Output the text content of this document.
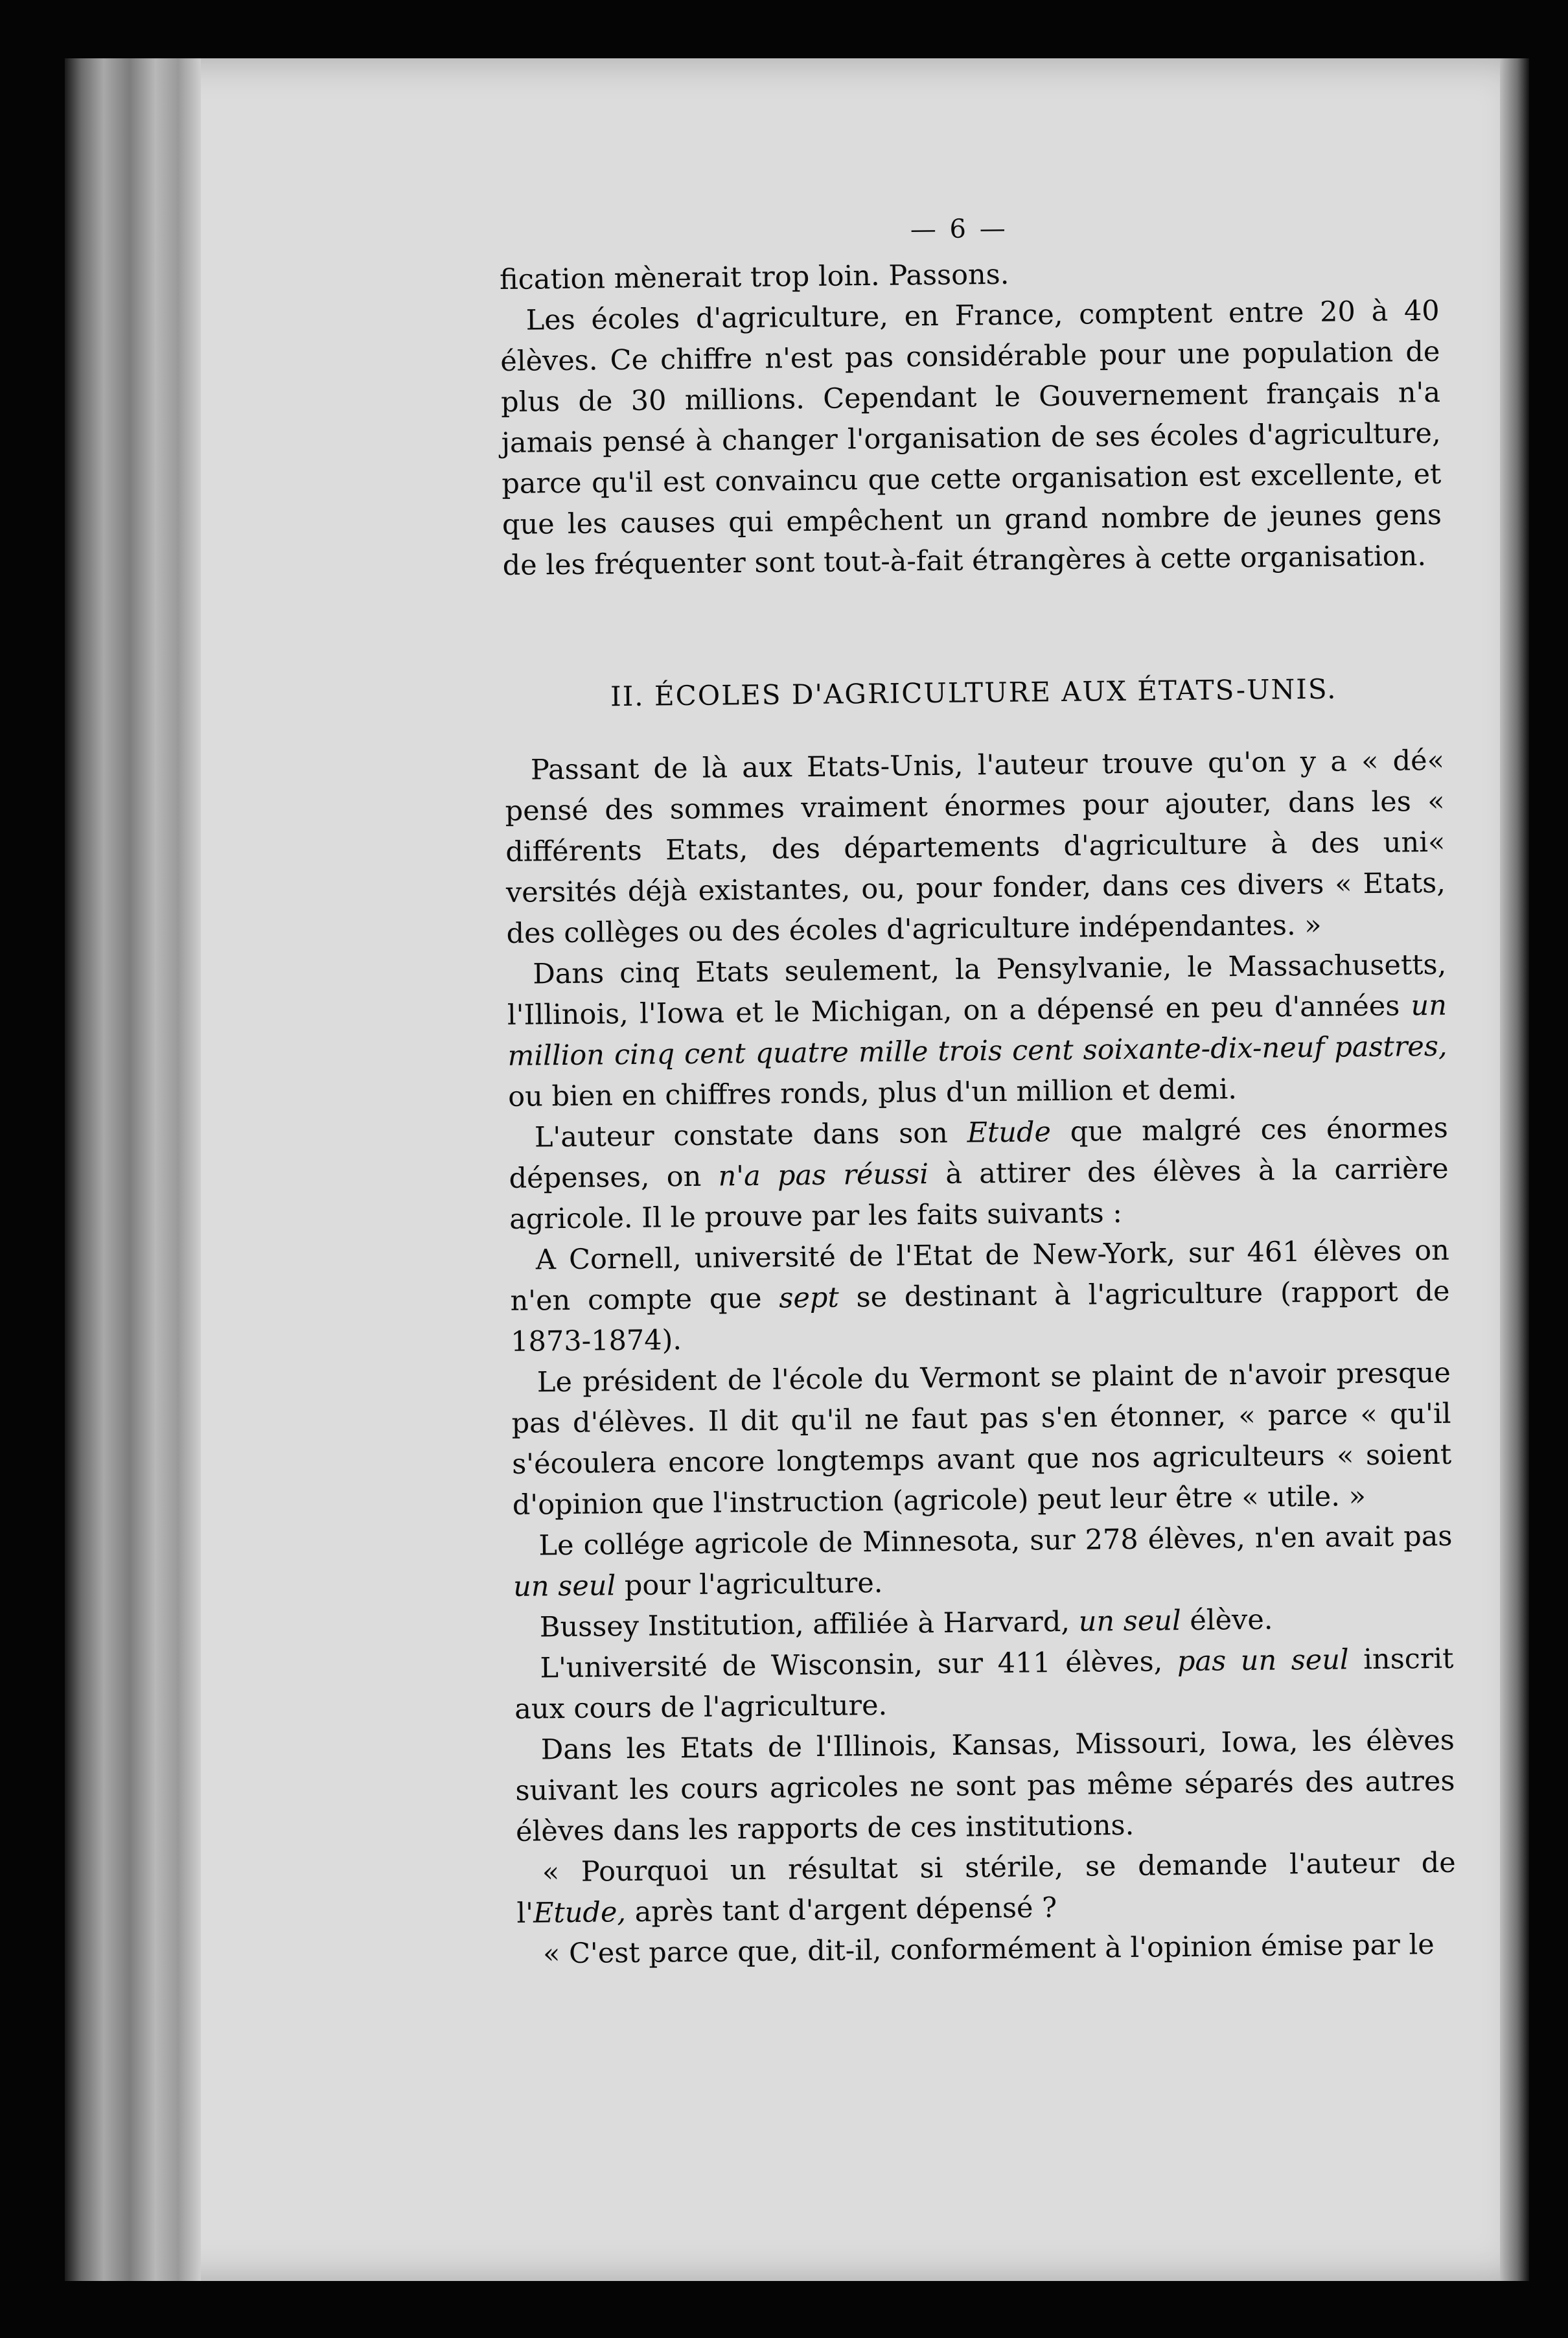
— 6 —

fication mènerait trop loin. Passons.

Les écoles d'agriculture, en France, comptent entre 20 à 40 élèves. Ce chiffre n'est pas considérable pour une population de plus de 30 millions. Cependant le Gouvernement français n'a jamais pensé à changer l'organisation de ses écoles d'agriculture, parce qu'il est convaincu que cette organisation est excellente, et que les causes qui empêchent un grand nombre de jeunes gens de les fréquenter sont tout-à-fait étrangères à cette organisation.

II. ÉCOLES D'AGRICULTURE AUX ÉTATS-UNIS.

Passant de là aux Etats-Unis, l'auteur trouve qu'on y a « dé« pensé des sommes vraiment énormes pour ajouter, dans les « différents Etats, des départements d'agriculture à des uni« versités déjà existantes, ou, pour fonder, dans ces divers « Etats, des collèges ou des écoles d'agriculture indépendantes. »

Dans cinq Etats seulement, la Pensylvanie, le Massachusetts, l'Illinois, l'Iowa et le Michigan, on a dépensé en peu d'années un million cinq cent quatre mille trois cent soixante-dix-neuf pastres, ou bien en chiffres ronds, plus d'un million et demi.

L'auteur constate dans son Etude que malgré ces énormes dépenses, on n'a pas réussi à attirer des élèves à la carrière agricole. Il le prouve par les faits suivants :

A Cornell, université de l'Etat de New-York, sur 461 élèves on n'en compte que sept se destinant à l'agriculture (rapport de 1873-1874).

Le président de l'école du Vermont se plaint de n'avoir presque pas d'élèves. Il dit qu'il ne faut pas s'en étonner, « parce « qu'il s'écoulera encore longtemps avant que nos agriculteurs « soient d'opinion que l'instruction (agricole) peut leur être « utile. »

Le collége agricole de Minnesota, sur 278 élèves, n'en avait pas un seul pour l'agriculture.

Bussey Institution, affiliée à Harvard, un seul élève.

L'université de Wisconsin, sur 411 élèves, pas un seul inscrit aux cours de l'agriculture.

Dans les Etats de l'Illinois, Kansas, Missouri, Iowa, les élèves suivant les cours agricoles ne sont pas même séparés des autres élèves dans les rapports de ces institutions.

« Pourquoi un résultat si stérile, se demande l'auteur de l'Etude, après tant d'argent dépensé ?

« C'est parce que, dit-il, conformément à l'opinion émise par le
